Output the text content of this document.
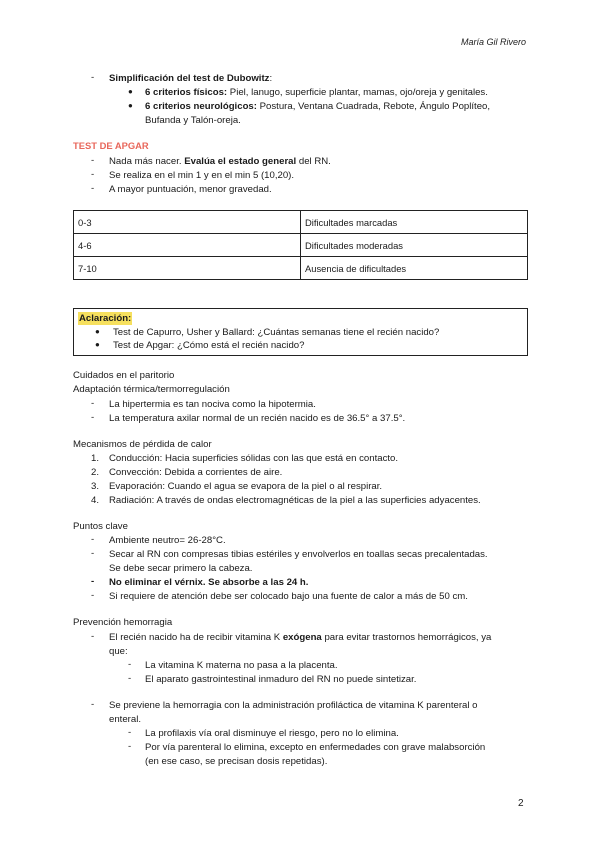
María Gil Rivero
-	Simplificación del test de Dubowitz:
● 6 criterios físicos: Piel, lanugo, superficie plantar, mamas, ojo/oreja y genitales.
● 6 criterios neurológicos: Postura, Ventana Cuadrada, Rebote, Ángulo Poplíteo,
Bufanda y Talón-oreja.
TEST DE APGAR
-	Nada más nacer. Evalúa el estado general del RN.
-	Se realiza en el min 1 y en el min 5 (10,20).
-	A mayor puntuación, menor gravedad.
0-3	Dificultades marcadas
4-6	Dificultades moderadas
7-10	Ausencia de dificultades
Aclaración:
● Test de Capurro, Usher y Ballard: ¿Cuántas semanas tiene el recién nacido?
● Test de Apgar: ¿Cómo está el recién nacido?
Cuidados en el paritorio
Adaptación térmica/termorregulación
-	La hipertermia es tan nociva como la hipotermia.
-	La temperatura axilar normal de un recién nacido es de 36.5° a 37.5°.
Mecanismos de pérdida de calor
1. Conducción: Hacia superficies sólidas con las que está en contacto.
2. Convección: Debida a corrientes de aire.
3. Evaporación: Cuando el agua se evapora de la piel o al respirar.
4. Radiación: A través de ondas electromagnéticas de la piel a las superficies adyacentes.
Puntos clave
-	Ambiente neutro= 26-28°C.
-	Secar al RN con compresas tibias estériles y envolverlos en toallas secas precalentadas.
Se debe secar primero la cabeza.
-	No eliminar el vérnix. Se absorbe a las 24 h.
-	Si requiere de atención debe ser colocado bajo una fuente de calor a más de 50 cm.
Prevención hemorragia
-	El recién nacido ha de recibir vitamina K exógena para evitar trastornos hemorrágicos, ya
que:
-	La vitamina K materna no pasa a la placenta.
-	El aparato gastrointestinal inmaduro del RN no puede sintetizar.
-	Se previene la hemorragia con la administración profiláctica de vitamina K parenteral o
enteral.
-	La profilaxis vía oral disminuye el riesgo, pero no lo elimina.
-	Por vía parenteral lo elimina, excepto en enfermedades con grave malabsorción
(en ese caso, se precisan dosis repetidas).
2
